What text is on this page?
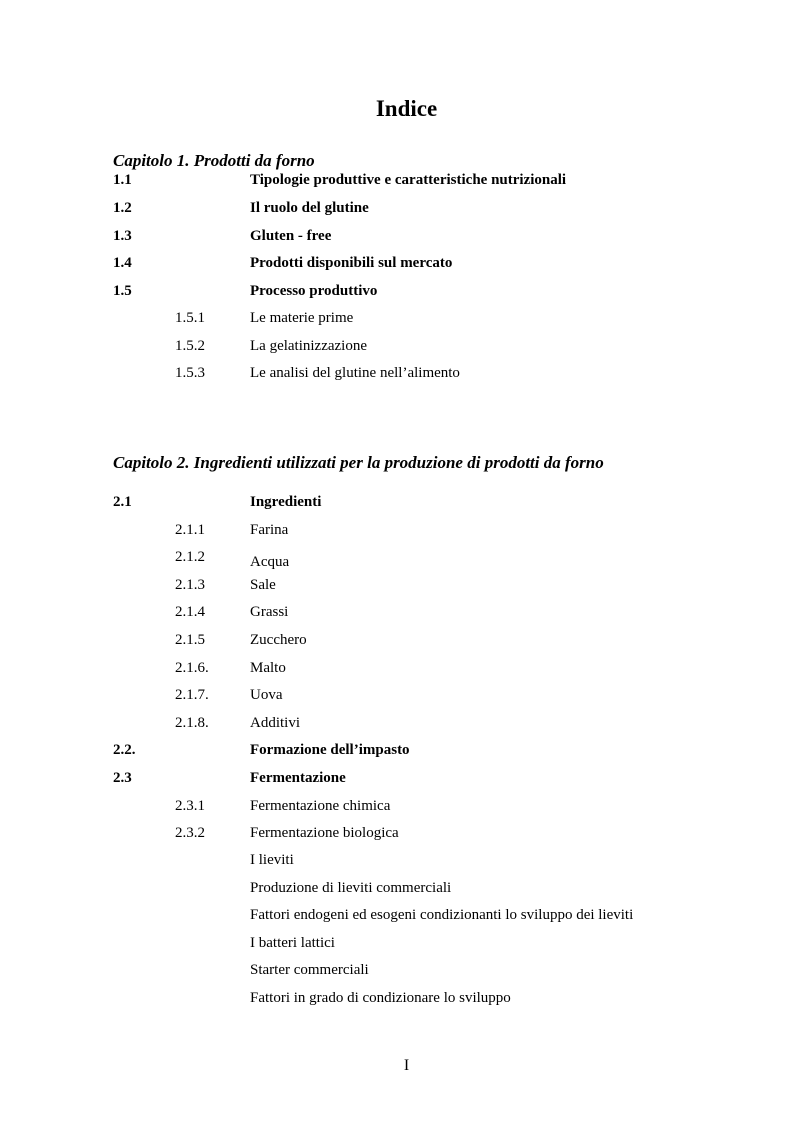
Indice
Capitolo 1. Prodotti da forno
1.1	Tipologie produttive e caratteristiche nutrizionali
1.2	Il ruolo del glutine
1.3	Gluten - free
1.4	Prodotti disponibili sul mercato
1.5	Processo produttivo
1.5.1	Le materie prime
1.5.2	La gelatinizzazione
1.5.3	Le analisi del glutine nell’alimento
Capitolo 2. Ingredienti utilizzati per la produzione di prodotti da forno
2.1	Ingredienti
2.1.1	Farina
2.1.2	Acqua
2.1.3	Sale
2.1.4	Grassi
2.1.5	Zucchero
2.1.6.	Malto
2.1.7.	Uova
2.1.8.	Additivi
2.2.	Formazione dell’impasto
2.3	Fermentazione
2.3.1	Fermentazione chimica
2.3.2	Fermentazione biologica
I lieviti
Produzione di lieviti commerciali
Fattori endogeni ed esogeni condizionanti lo sviluppo dei lieviti
I batteri lattici
Starter commerciali
Fattori in grado di condizionare lo sviluppo
I
